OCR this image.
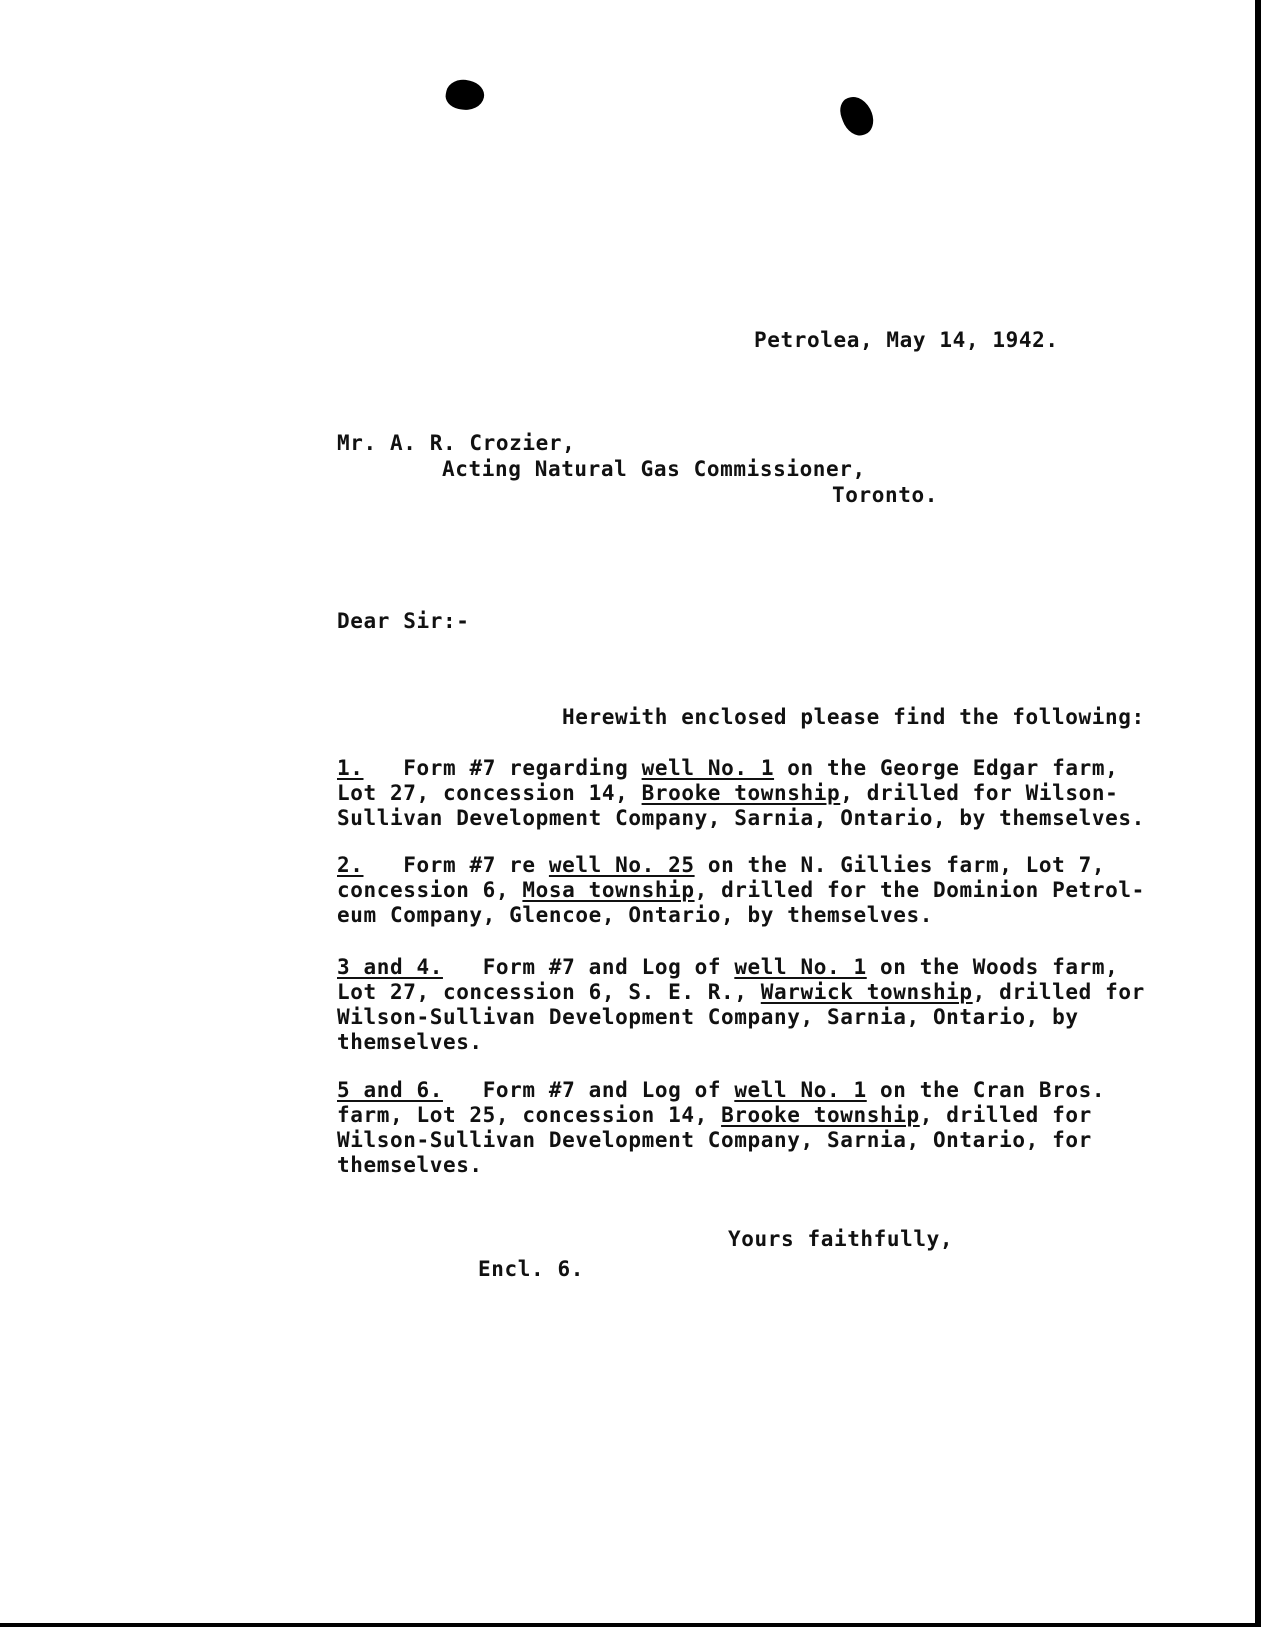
Petrolea, May 14, 1942.
Mr. A. R. Crozier,
Acting Natural Gas Commissioner,
Toronto.
Dear Sir:-
Herewith enclosed please find the following:
1. Form #7 regarding well No. 1 on the George Edgar farm,
Lot 27, concession 14, Brooke township, drilled for Wilson-
Sullivan Development Company, Sarnia, Ontario, by themselves.
2. Form #7 re well No. 25 on the N. Gillies farm, Lot 7,
concession 6, Mosa township, drilled for the Dominion Petrol-
eum Company, Glencoe, Ontario, by themselves.
3 and 4. Form #7 and Log of well No. 1 on the Woods farm,
Lot 27, concession 6, S. E. R., Warwick township, drilled for
Wilson-Sullivan Development Company, Sarnia, Ontario, by
themselves.
5 and 6. Form #7 and Log of well No. 1 on the Cran Bros.
farm, Lot 25, concession 14, Brooke township, drilled for
Wilson-Sullivan Development Company, Sarnia, Ontario, for
themselves.
Yours faithfully,
Encl. 6.
